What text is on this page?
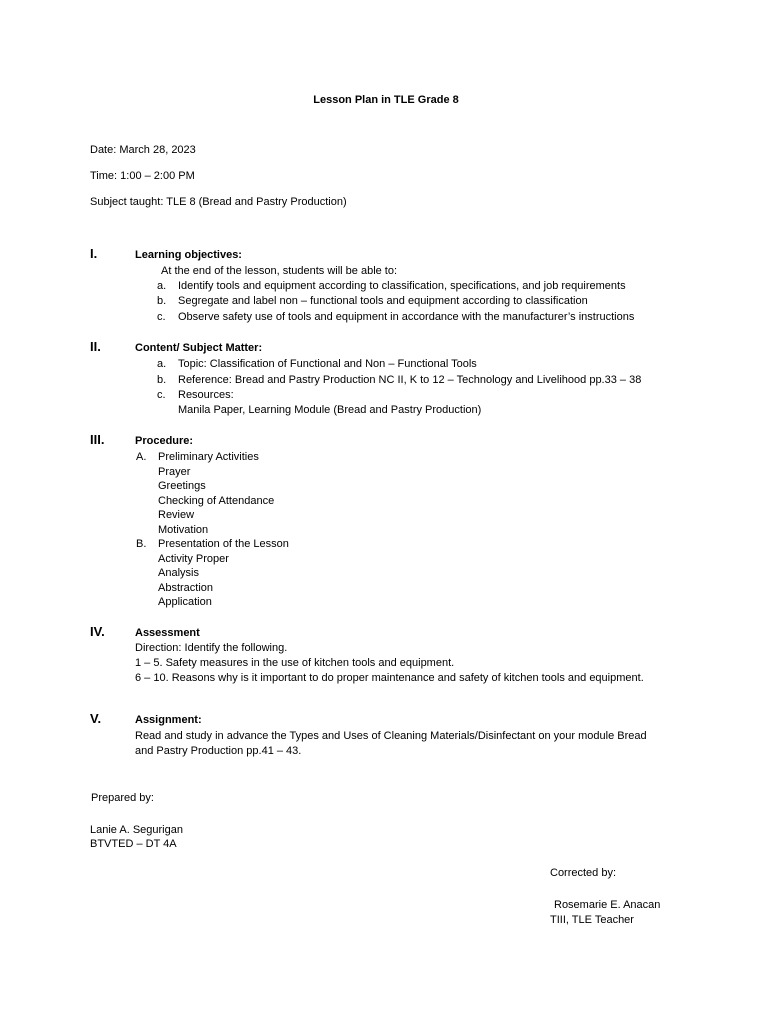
Lesson Plan in TLE Grade 8
Date: March 28, 2023
Time: 1:00 – 2:00 PM
Subject taught: TLE 8 (Bread and Pastry Production)
I.	Learning objectives:
At the end of the lesson, students will be able to:
a. Identify tools and equipment according to classification, specifications, and job requirements
b. Segregate and label non – functional tools and equipment according to classification
c. Observe safety use of tools and equipment in accordance with the manufacturer’s instructions
II.	Content/ Subject Matter:
a. Topic: Classification of Functional and Non – Functional Tools
b. Reference: Bread and Pastry Production NC II, K to 12 – Technology and Livelihood pp.33 – 38
c. Resources:
Manila Paper, Learning Module (Bread and Pastry Production)
III.	Procedure:
A. Preliminary Activities
Prayer
Greetings
Checking of Attendance
Review
Motivation
B. Presentation of the Lesson
Activity Proper
Analysis
Abstraction
Application
IV.	Assessment
Direction: Identify the following.
1 – 5. Safety measures in the use of kitchen tools and equipment.
6 – 10. Reasons why is it important to do proper maintenance and safety of kitchen tools and equipment.
V.	Assignment:
Read and study in advance the Types and Uses of Cleaning Materials/Disinfectant on your module Bread
and Pastry Production pp.41 – 43.
Prepared by:
Lanie A. Segurigan
BTVTED – DT 4A
Corrected by:
Rosemarie E. Anacan
TIII, TLE Teacher
